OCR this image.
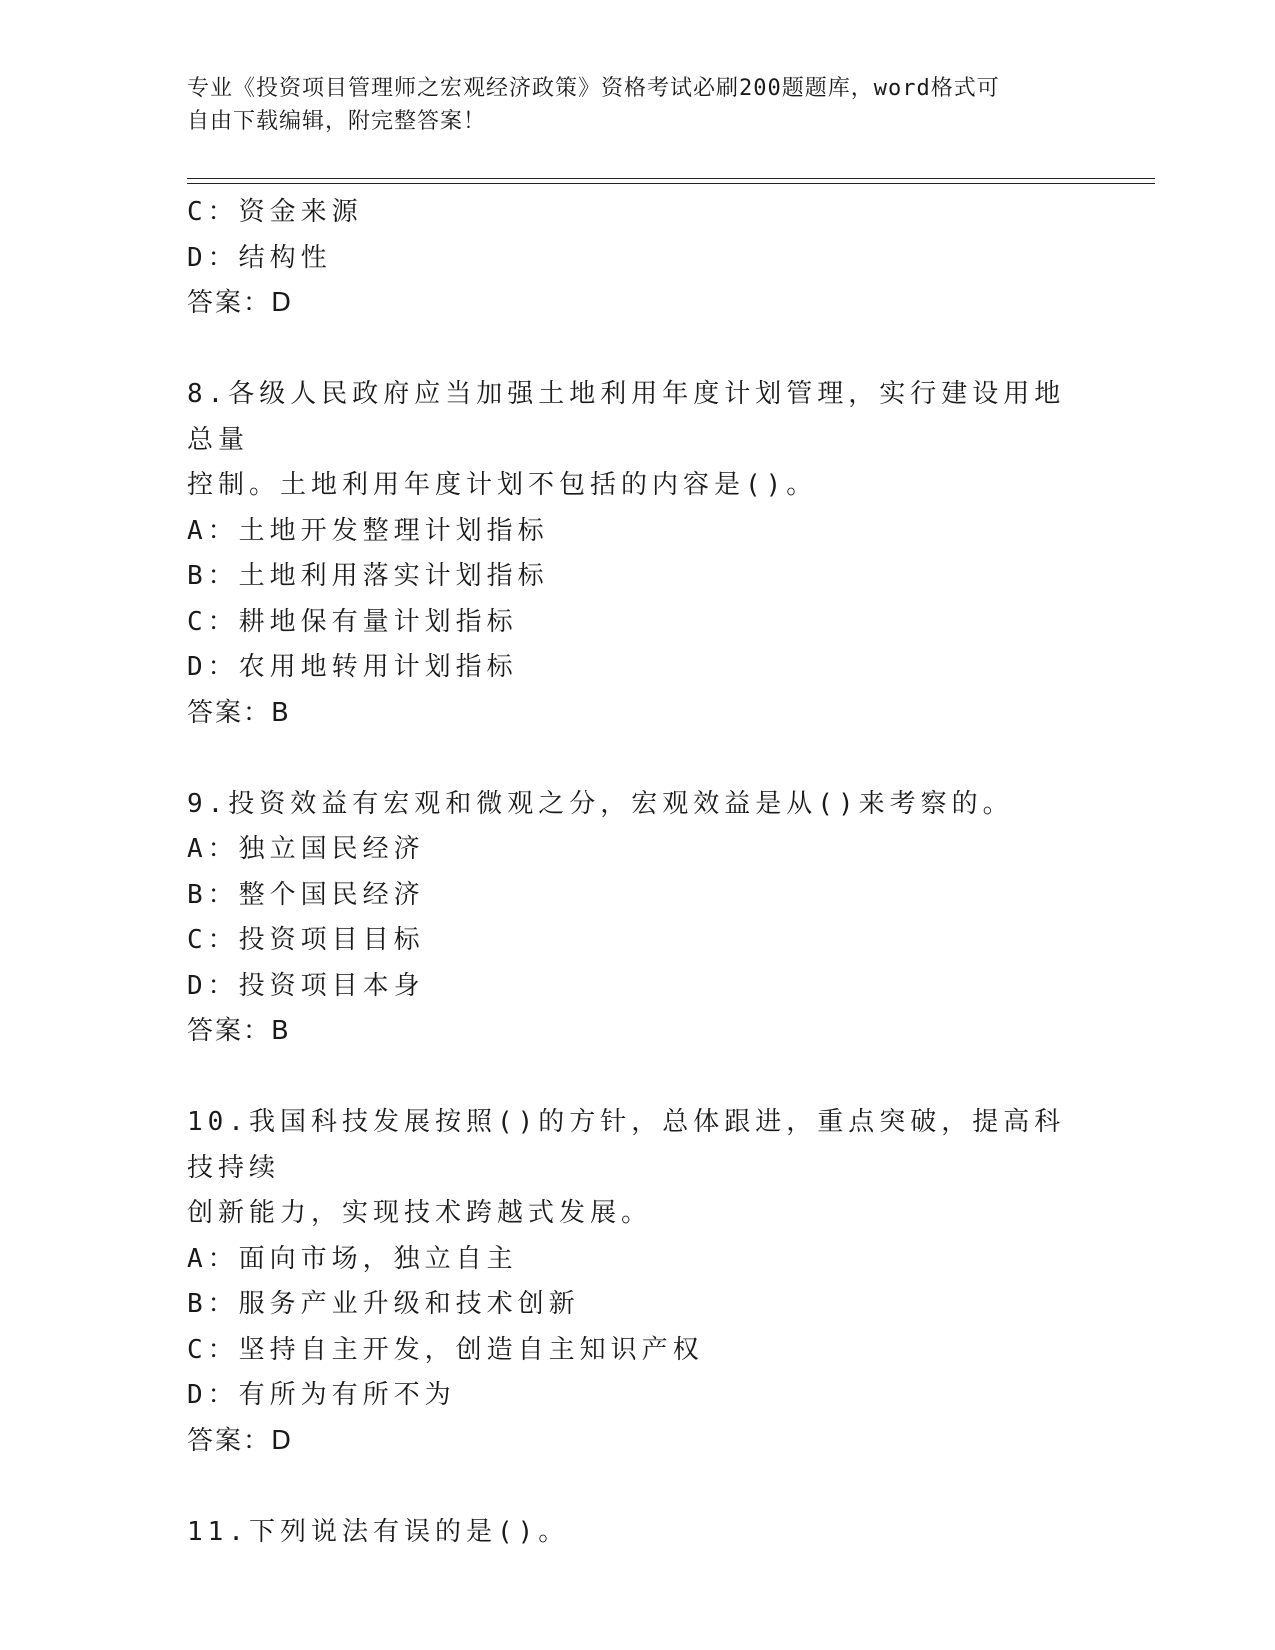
专业《投资项目管理师之宏观经济政策》资格考试必刷200题题库，word格式可
自由下载编辑，附完整答案！
C：资金来源
D：结构性
答案：D
8.各级人民政府应当加强土地利用年度计划管理，实行建设用地总量
控制。土地利用年度计划不包括的内容是()。
A：土地开发整理计划指标
B：土地利用落实计划指标
C：耕地保有量计划指标
D：农用地转用计划指标
答案：B
9.投资效益有宏观和微观之分，宏观效益是从()来考察的。
A：独立国民经济
B：整个国民经济
C：投资项目目标
D：投资项目本身
答案：B
10.我国科技发展按照()的方针，总体跟进，重点突破，提高科技持续
创新能力，实现技术跨越式发展。
A：面向市场，独立自主
B：服务产业升级和技术创新
C：坚持自主开发，创造自主知识产权
D：有所为有所不为
答案：D
11.下列说法有误的是()。
